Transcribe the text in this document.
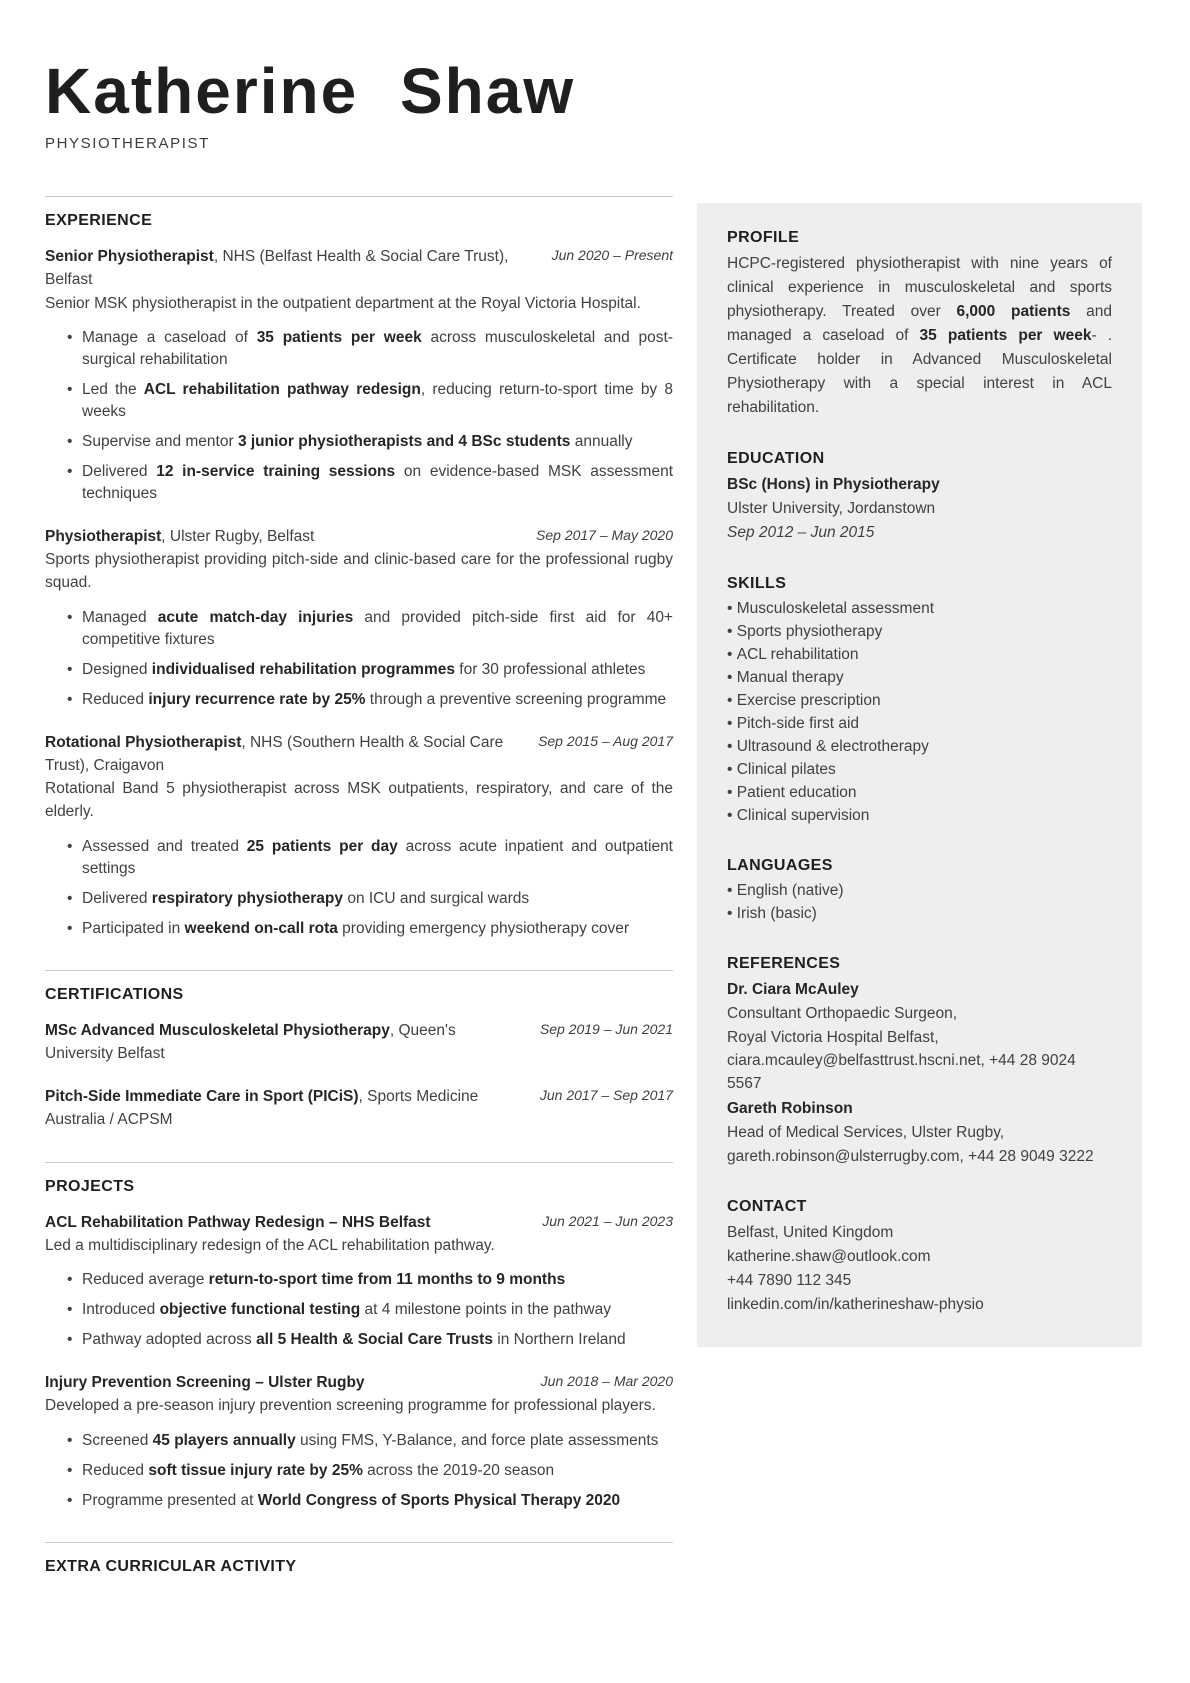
Katherine Shaw
PHYSIOTHERAPIST
EXPERIENCE
Senior Physiotherapist, NHS (Belfast Health & Social Care Trust), Belfast
Jun 2020 – Present

Senior MSK physiotherapist in the outpatient department at the Royal Victoria Hospital.

• Manage a caseload of 35 patients per week across musculoskeletal and post-surgical rehabilitation
• Led the ACL rehabilitation pathway redesign, reducing return-to-sport time by 8 weeks
• Supervise and mentor 3 junior physiotherapists and 4 BSc students annually
• Delivered 12 in-service training sessions on evidence-based MSK assessment techniques
Physiotherapist, Ulster Rugby, Belfast	Sep 2017 – May 2020

Sports physiotherapist providing pitch-side and clinic-based care for the professional rugby squad.

• Managed acute match-day injuries and provided pitch-side first aid for 40+ competitive fixtures
• Designed individualised rehabilitation programmes for 30 professional athletes
• Reduced injury recurrence rate by 25% through a preventive screening programme
Rotational Physiotherapist, NHS (Southern Health & Social Care Trust), Craigavon
Sep 2015 – Aug 2017

Rotational Band 5 physiotherapist across MSK outpatients, respiratory, and care of the elderly.

• Assessed and treated 25 patients per day across acute inpatient and outpatient settings
• Delivered respiratory physiotherapy on ICU and surgical wards
• Participated in weekend on-call rota providing emergency physiotherapy cover
CERTIFICATIONS
MSc Advanced Musculoskeletal Physiotherapy, Queen's University Belfast
Sep 2019 – Jun 2021
Pitch-Side Immediate Care in Sport (PICiS), Sports Medicine Australia / ACPSM
Jun 2017 – Sep 2017
PROJECTS
ACL Rehabilitation Pathway Redesign – NHS Belfast	Jun 2021 – Jun 2023

Led a multidisciplinary redesign of the ACL rehabilitation pathway.

• Reduced average return-to-sport time from 11 months to 9 months
• Introduced objective functional testing at 4 milestone points in the pathway
• Pathway adopted across all 5 Health & Social Care Trusts in Northern Ireland
Injury Prevention Screening – Ulster Rugby	Jun 2018 – Mar 2020

Developed a pre-season injury prevention screening programme for professional players.

• Screened 45 players annually using FMS, Y-Balance, and force plate assessments
• Reduced soft tissue injury rate by 25% across the 2019-20 season
• Programme presented at World Congress of Sports Physical Therapy 2020
EXTRA CURRICULAR ACTIVITY
PROFILE

HCPC-registered physiotherapist with nine years of clinical experience in musculoskeletal and sports physiotherapy. Treated over 6,000 patients and managed a caseload of 35 patients per week- . Certificate holder in Advanced Musculoskeletal Physiotherapy with a special interest in ACL rehabilitation.

EDUCATION
BSc (Hons) in Physiotherapy
Ulster University, Jordanstown
Sep 2012 – Jun 2015
SKILLS
• Musculoskeletal assessment
• Sports physiotherapy
• ACL rehabilitation
• Manual therapy
• Exercise prescription
• Pitch-side first aid
• Ultrasound & electrotherapy
• Clinical pilates
• Patient education
• Clinical supervision
LANGUAGES
• English (native)
• Irish (basic)
REFERENCES
Dr. Ciara McAuley
Consultant Orthopaedic Surgeon,
Royal Victoria Hospital Belfast,
ciara.mcauley@belfasttrust.hscni.net, +44 28 9024 5567
Gareth Robinson
Head of Medical Services, Ulster Rugby,
gareth.robinson@ulsterrugby.com, +44 28 9049 3222
CONTACT
Belfast, United Kingdom
katherine.shaw@outlook.com
+44 7890 112 345
linkedin.com/in/katherineshaw-physio
